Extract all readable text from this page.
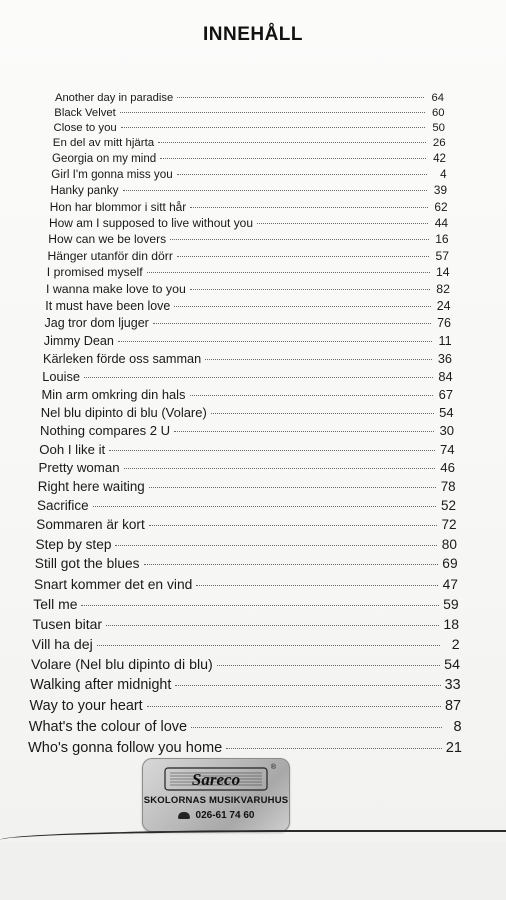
INNEHÅLL
Another day in paradise	64
Black Velvet	60
Close to you	50
En del av mitt hjärta	26
Georgia on my mind	42
Girl I'm gonna miss you	4
Hanky panky	39
Hon har blommor i sitt hår	62
How am I supposed to live without you	44
How can we be lovers	16
Hänger utanför din dörr	57
I promised myself	14
I wanna make love to you	82
It must have been love	24
Jag tror dom ljuger	76
Jimmy Dean	11
Kärleken förde oss samman	36
Louise	84
Min arm omkring din hals	67
Nel blu dipinto di blu (Volare)	54
Nothing compares 2 U	30
Ooh I like it	74
Pretty woman	46
Right here waiting	78
Sacrifice	52
Sommaren är kort	72
Step by step	80
Still got the blues	69
Snart kommer det en vind	47
Tell me	59
Tusen bitar	18
Vill ha dej	2
Volare (Nel blu dipinto di blu)	54
Walking after midnight	33
Way to your heart	87
What's the colour of love	8
Who's gonna follow you home	21
Sareco
®
SKOLORNAS MUSIKVARUHUS
026-61 74 60
